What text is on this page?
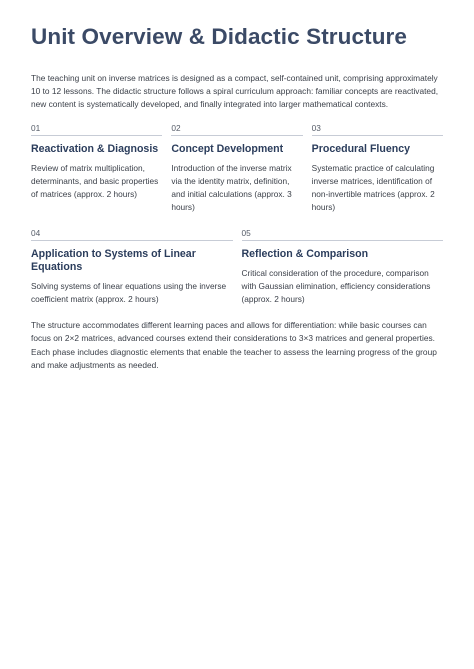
Unit Overview & Didactic Structure

The teaching unit on inverse matrices is designed as a compact, self-contained unit, comprising approximately 10 to 12 lessons. The didactic structure follows a spiral curriculum approach: familiar concepts are reactivated, new content is systematically developed, and finally integrated into larger mathematical contexts.

01
Reactivation & Diagnosis
Review of matrix multiplication, determinants, and basic properties of matrices (approx. 2 hours)
02
Concept Development
Introduction of the inverse matrix via the identity matrix, definition, and initial calculations (approx. 3 hours)
03
Procedural Fluency
Systematic practice of calculating inverse matrices, identification of non-invertible matrices (approx. 2 hours)
04
Application to Systems of Linear Equations
Solving systems of linear equations using the inverse coefficient matrix (approx. 2 hours)
05
Reflection & Comparison
Critical consideration of the procedure, comparison with Gaussian elimination, efficiency considerations (approx. 2 hours)

The structure accommodates different learning paces and allows for differentiation: while basic courses can focus on 2×2 matrices, advanced courses extend their considerations to 3×3 matrices and general properties. Each phase includes diagnostic elements that enable the teacher to assess the learning progress of the group and make adjustments as needed.
